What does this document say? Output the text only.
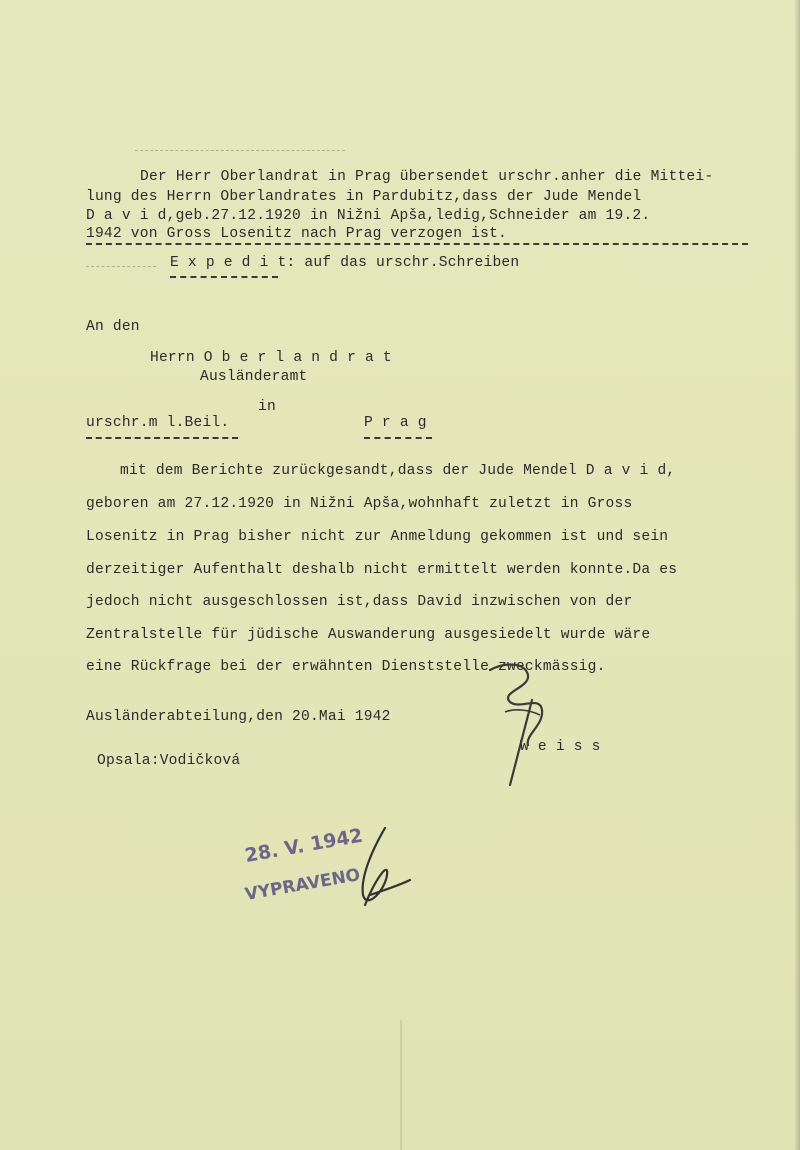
Der Herr Oberlandrat in Prag übersendet urschr.anher die Mittei-

lung des Herrn Oberlandrates in Pardubitz,dass der Jude Mendel

D a v i d,geb.27.12.1920 in Nižni Apša,ledig,Schneider am 19.2.

1942 von Gross Losenitz nach Prag verzogen ist.

E x p e d i t: auf das urschr.Schreiben

An den

Herrn O b e r l a n d r a t

Ausländeramt

in

urschr.m l.Beil.	P r a g

mit dem Berichte zurückgesandt,dass der Jude Mendel D a v i d,

geboren am 27.12.1920 in Nižni Apša,wohnhaft zuletzt in Gross

Losenitz in Prag bisher nicht zur Anmeldung gekommen ist und sein

derzeitiger Aufenthalt deshalb nicht ermittelt werden konnte.Da es

jedoch nicht ausgeschlossen ist,dass David inzwischen von der

Zentralstelle für jüdische Auswanderung ausgesiedelt wurde wäre

eine Rückfrage bei der erwähnten Dienststelle zweckmässig.

Ausländerabteilung,den 20.Mai 1942

W e i s s

Opsala:Vodičková

28. V. 1942
VYPRAVENO
